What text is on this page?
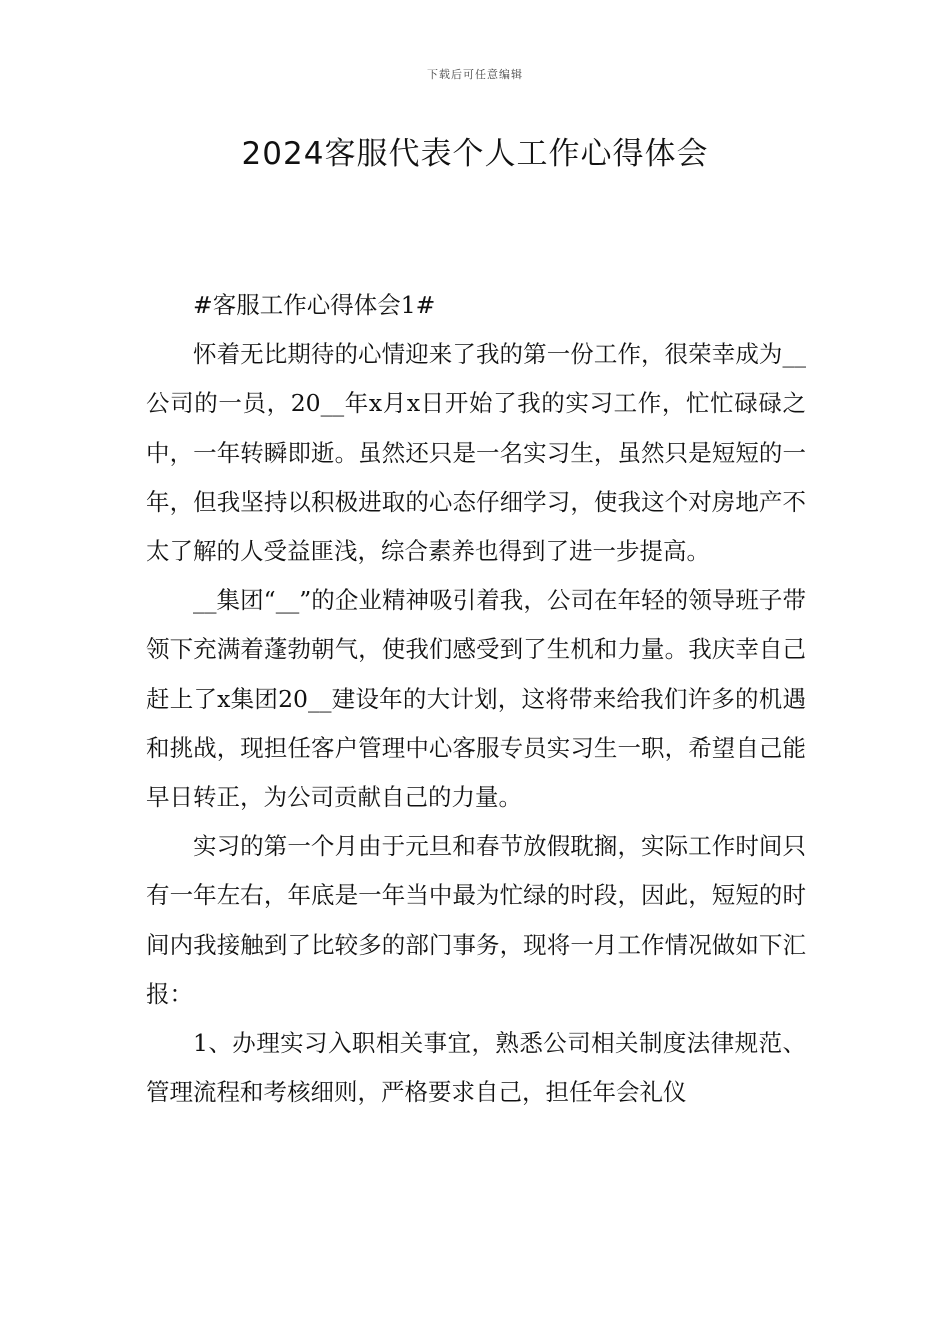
下载后可任意编辑
2024客服代表个人工作心得体会

#客服工作心得体会1#

怀着无比期待的心情迎来了我的第一份工作，很荣幸成为__公司的一员，20__年x月x日开始了我的实习工作，忙忙碌碌之中，一年转瞬即逝。虽然还只是一名实习生，虽然只是短短的一年，但我坚持以积极进取的心态仔细学习，使我这个对房地产不太了解的人受益匪浅，综合素养也得到了进一步提高。

__集团“__”的企业精神吸引着我，公司在年轻的领导班子带领下充满着蓬勃朝气，使我们感受到了生机和力量。我庆幸自己赶上了x集团20__建设年的大计划，这将带来给我们许多的机遇和挑战，现担任客户管理中心客服专员实习生一职，希望自己能早日转正，为公司贡献自己的力量。

实习的第一个月由于元旦和春节放假耽搁，实际工作时间只有一年左右，年底是一年当中最为忙绿的时段，因此，短短的时间内我接触到了比较多的部门事务，现将一月工作情况做如下汇报：

1、办理实习入职相关事宜，熟悉公司相关制度法律规范、管理流程和考核细则，严格要求自己，担任年会礼仪
